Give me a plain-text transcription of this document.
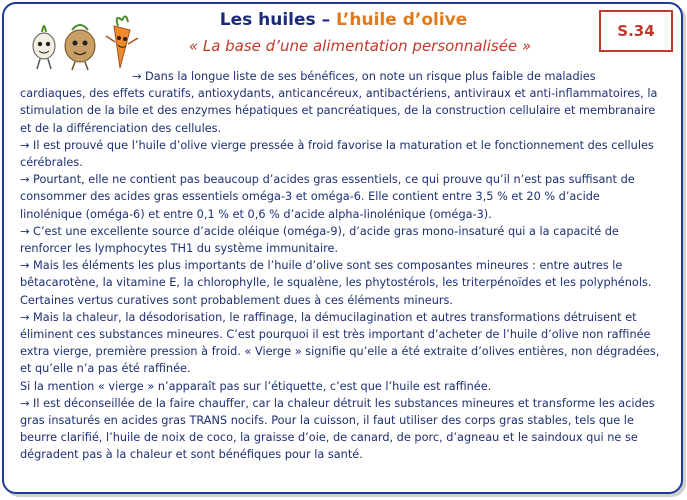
Les huiles – L’huile d’olive
« La base d’une alimentation personnalisée »
S.34

→ Dans la longue liste de ses bénéfices, on note un risque plus faible de maladies cardiaques, des effets curatifs, antioxydants, anticancéreux, antibactériens, antiviraux et anti-inflammatoires, la stimulation de la bile et des enzymes hépatiques et pancréatiques, de la construction cellulaire et membranaire et de la différenciation des cellules.

→ Il est prouvé que l’huile d’olive vierge pressée à froid favorise la maturation et le fonctionnement des cellules cérébrales.

→ Pourtant, elle ne contient pas beaucoup d’acides gras essentiels, ce qui prouve qu’il n’est pas suffisant de consommer des acides gras essentiels oméga-3 et oméga-6. Elle contient entre 3,5 % et 20 % d’acide linolénique (oméga-6) et entre 0,1 % et 0,6 % d’acide alpha-linolénique (oméga-3).

→ C’est une excellente source d’acide oléique (oméga-9), d’acide gras mono-insaturé qui a la capacité de renforcer les lymphocytes TH1 du système immunitaire.

→ Mais les éléments les plus importants de l’huile d’olive sont ses composantes mineures : entre autres le bêtacarotène, la vitamine E, la chlorophylle, le squalène, les phytostérols, les triterpénoïdes et les polyphénols. Certaines vertus curatives sont probablement dues à ces éléments mineurs.

→ Mais la chaleur, la désodorisation, le raffinage, la démucilagination et autres transformations détruisent et éliminent ces substances mineures. C’est pourquoi il est très important d’acheter de l’huile d’olive non raffinée extra vierge, première pression à froid. « Vierge » signifie qu’elle a été extraite d’olives entières, non dégradées, et qu’elle n’a pas été raffinée.

Si la mention « vierge » n’apparaît pas sur l’étiquette, c’est que l’huile est raffinée.

→ Il est déconseillée de la faire chauffer, car la chaleur détruit les substances mineures et transforme les acides gras insaturés en acides gras TRANS nocifs. Pour la cuisson, il faut utiliser des corps gras stables, tels que le beurre clarifié, l’huile de noix de coco, la graisse d’oie, de canard, de porc, d’agneau et le saindoux qui ne se dégradent pas à la chaleur et sont bénéfiques pour la santé.
